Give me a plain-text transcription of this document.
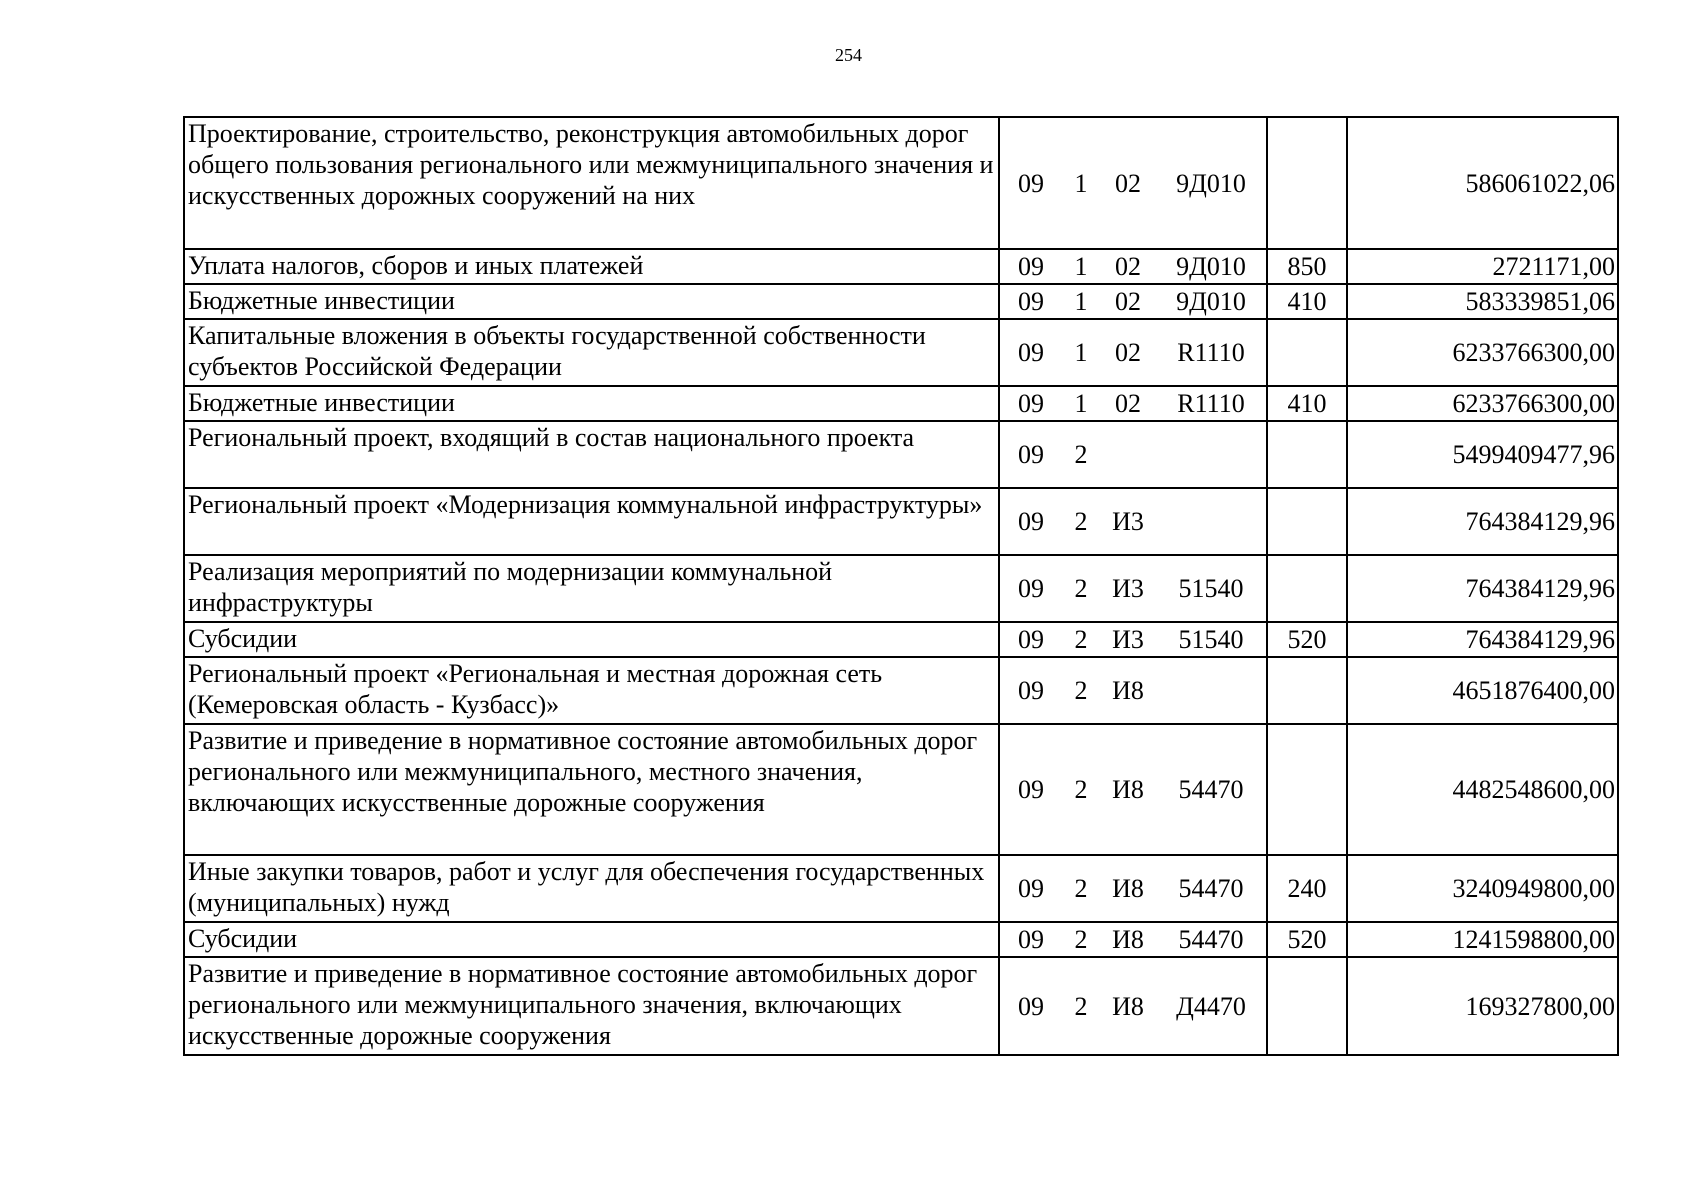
254
Проектирование, строительство, реконструкция автомобильных дорог общего пользования регионального или межмуниципального значения и искусственных дорожных сооружений на них	09 1 02 9Д010		586061022,06
Уплата налогов, сборов и иных платежей	09 1 02 9Д010	850	2721171,00
Бюджетные инвестиции	09 1 02 9Д010	410	583339851,06
Капитальные вложения в объекты государственной собственности субъектов Российской Федерации	09 1 02 R1110		6233766300,00
Бюджетные инвестиции	09 1 02 R1110	410	6233766300,00
Региональный проект, входящий в состав национального проекта	09 2		5499409477,96
Региональный проект «Модернизация коммунальной инфраструктуры»	09 2 И3		764384129,96
Реализация мероприятий по модернизации коммунальной инфраструктуры	09 2 И3 51540		764384129,96
Субсидии	09 2 И3 51540	520	764384129,96
Региональный проект «Региональная и местная дорожная сеть (Кемеровская область - Кузбасс)»	09 2 И8		4651876400,00
Развитие и приведение в нормативное состояние автомобильных дорог регионального или межмуниципального, местного значения, включающих искусственные дорожные сооружения	09 2 И8 54470		4482548600,00
Иные закупки товаров, работ и услуг для обеспечения государственных (муниципальных) нужд	09 2 И8 54470	240	3240949800,00
Субсидии	09 2 И8 54470	520	1241598800,00
Развитие и приведение в нормативное состояние автомобильных дорог регионального или межмуниципального значения, включающих искусственные дорожные сооружения	09 2 И8 Д4470		169327800,00
